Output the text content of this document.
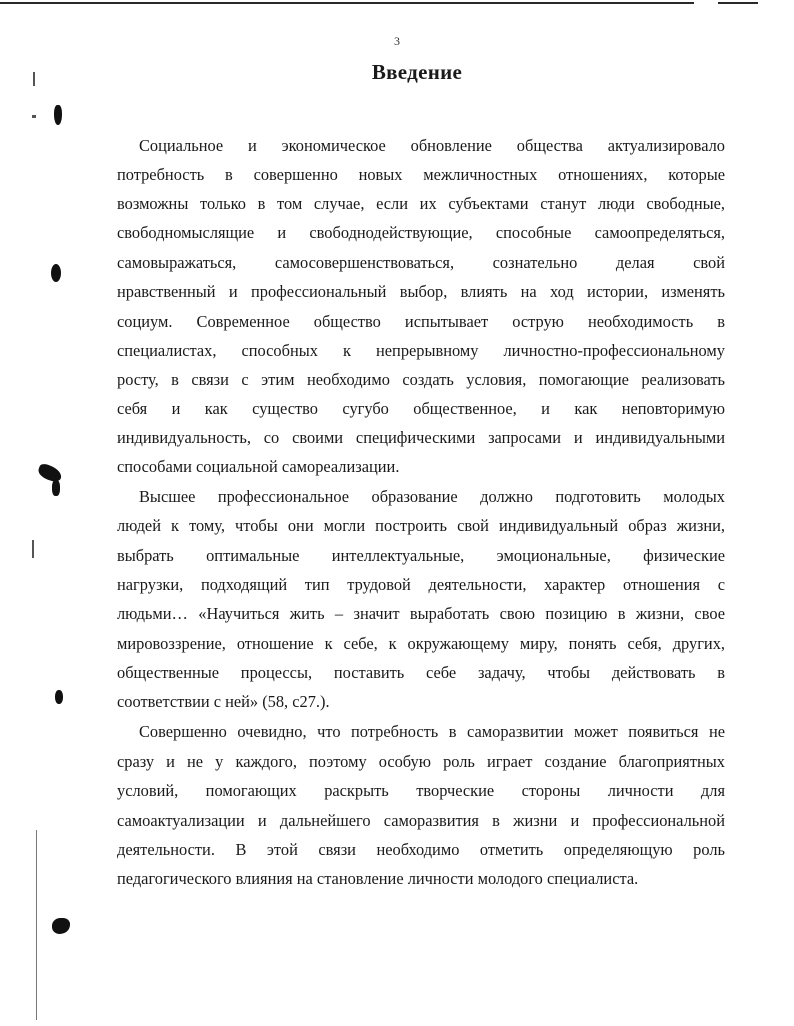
3
Введение
Социальное и экономическое обновление общества актуализировало
потребность в совершенно новых межличностных отношениях, которые
возможны только в том случае, если их субъектами станут люди свободные,
свободномыслящие и свободнодействующие, способные самоопределяться,
самовыражаться, самосовершенствоваться, сознательно делая свой
нравственный и профессиональный выбор, влиять на ход истории, изменять
социум. Современное общество испытывает острую необходимость в
специалистах, способных к непрерывному личностно-профессиональному
росту, в связи с этим необходимо создать условия, помогающие реализовать
себя и как существо сугубо общественное, и как неповторимую
индивидуальность, со своими специфическими запросами и индивидуальными
способами социальной самореализации.
Высшее профессиональное образование должно подготовить молодых
людей к тому, чтобы они могли построить свой индивидуальный образ жизни,
выбрать оптимальные интеллектуальные, эмоциональные, физические
нагрузки, подходящий тип трудовой деятельности, характер отношения с
людьми… «Научиться жить – значит выработать свою позицию в жизни, свое
мировоззрение, отношение к себе, к окружающему миру, понять себя, других,
общественные процессы, поставить себе задачу, чтобы действовать в
соответствии с ней» (58, с27.).
Совершенно очевидно, что потребность в саморазвитии может появиться не
сразу и не у каждого, поэтому особую роль играет создание благоприятных
условий, помогающих раскрыть творческие стороны личности для
самоактуализации и дальнейшего саморазвития в жизни и профессиональной
деятельности. В этой связи необходимо отметить определяющую роль
педагогического влияния на становление личности молодого специалиста.
